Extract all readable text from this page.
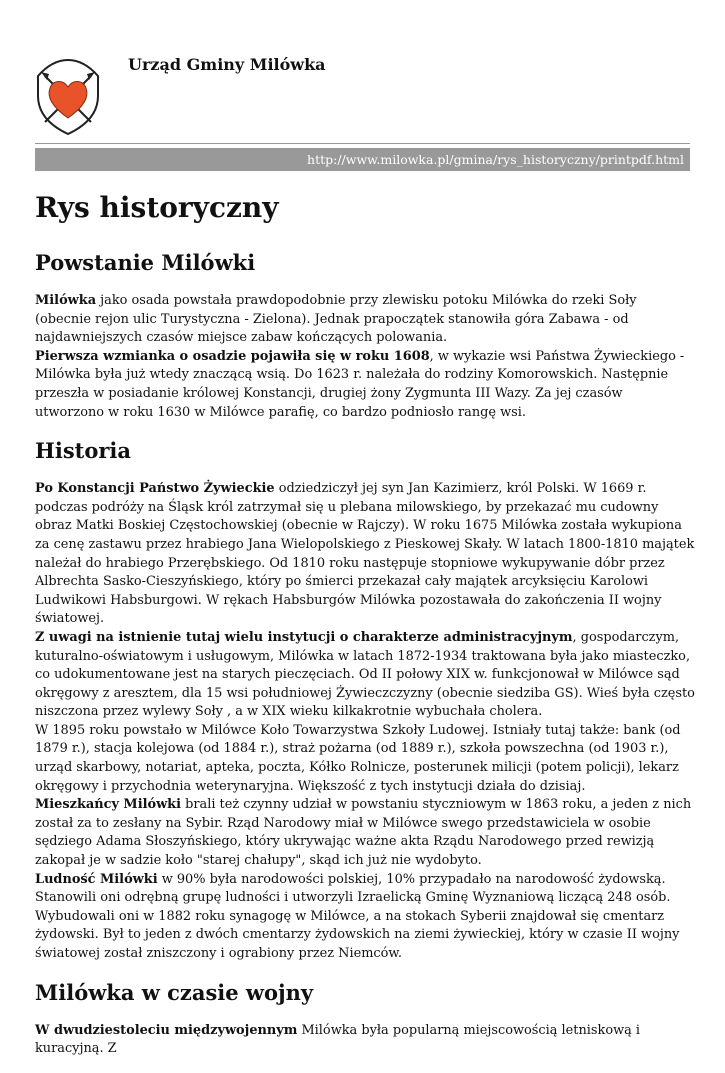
Urząd Gminy Milówka
http://www.milowka.pl/gmina/rys_historyczny/printpdf.html
Rys historyczny
Powstanie Milówki

Milówka jako osada powstała prawdopodobnie przy zlewisku potoku Milówka do rzeki Soły (obecnie rejon ulic Turystyczna - Zielona). Jednak prapoczątek stanowiła góra Zabawa - od najdawniejszych czasów miejsce zabaw kończących polowania.

Pierwsza wzmianka o osadzie pojawiła się w roku 1608, w wykazie wsi Państwa Żywieckiego - Milówka była już wtedy znaczącą wsią. Do 1623 r. należała do rodziny Komorowskich. Następnie przeszła w posiadanie królowej Konstancji, drugiej żony Zygmunta III Wazy. Za jej czasów utworzono w roku 1630 w Milówce parafię, co bardzo podniosło rangę wsi.

Historia

Po Konstancji Państwo Żywieckie odziedziczył jej syn Jan Kazimierz, król Polski. W 1669 r. podczas podróży na Śląsk król zatrzymał się u plebana milowskiego, by przekazać mu cudowny obraz Matki Boskiej Częstochowskiej (obecnie w Rajczy). W roku 1675 Milówka została wykupiona za cenę zastawu przez hrabiego Jana Wielopolskiego z Pieskowej Skały. W latach 1800-1810 majątek należał do hrabiego Przerębskiego. Od 1810 roku następuje stopniowe wykupywanie dóbr przez Albrechta Sasko-Cieszyńskiego, który po śmierci przekazał cały majątek arcyksięciu Karolowi Ludwikowi Habsburgowi. W rękach Habsburgów Milówka pozostawała do zakończenia II wojny światowej.

Z uwagi na istnienie tutaj wielu instytucji o charakterze administracyjnym, gospodarczym, kuturalno-oświatowym i usługowym, Milówka w latach 1872-1934 traktowana była jako miasteczko, co udokumentowane jest na starych pieczęciach. Od II połowy XIX w. funkcjonował w Milówce sąd okręgowy z aresztem, dla 15 wsi południowej Żywieczczyzny (obecnie siedziba GS). Wieś była często niszczona przez wylewy Soły , a w XIX wieku kilkakrotnie wybuchała cholera.

W 1895 roku powstało w Milówce Koło Towarzystwa Szkoły Ludowej. Istniały tutaj także: bank (od 1879 r.), stacja kolejowa (od 1884 r.), straż pożarna (od 1889 r.), szkoła powszechna (od 1903 r.), urząd skarbowy, notariat, apteka, poczta, Kółko Rolnicze, posterunek milicji (potem policji), lekarz okręgowy i przychodnia weterynaryjna. Większość z tych instytucji działa do dzisiaj.

Mieszkańcy Milówki brali też czynny udział w powstaniu styczniowym w 1863 roku, a jeden z nich został za to zesłany na Sybir. Rząd Narodowy miał w Milówce swego przedstawiciela w osobie sędziego Adama Słoszyńskiego, który ukrywając ważne akta Rządu Narodowego przed rewizją zakopał je w sadzie koło "starej chałupy", skąd ich już nie wydobyto.

Ludność Milówki w 90% była narodowości polskiej, 10% przypadało na narodowość żydowską. Stanowili oni odrębną grupę ludności i utworzyli Izraelicką Gminę Wyznaniową liczącą 248 osób. Wybudowali oni w 1882 roku synagogę w Milówce, a na stokach Syberii znajdował się cmentarz żydowski. Był to jeden z dwóch cmentarzy żydowskich na ziemi żywieckiej, który w czasie II wojny światowej został zniszczony i ograbiony przez Niemców.

Milówka w czasie wojny

W dwudziestoleciu międzywojennym Milówka była popularną miejscowością letniskową i kuracyjną. Z
